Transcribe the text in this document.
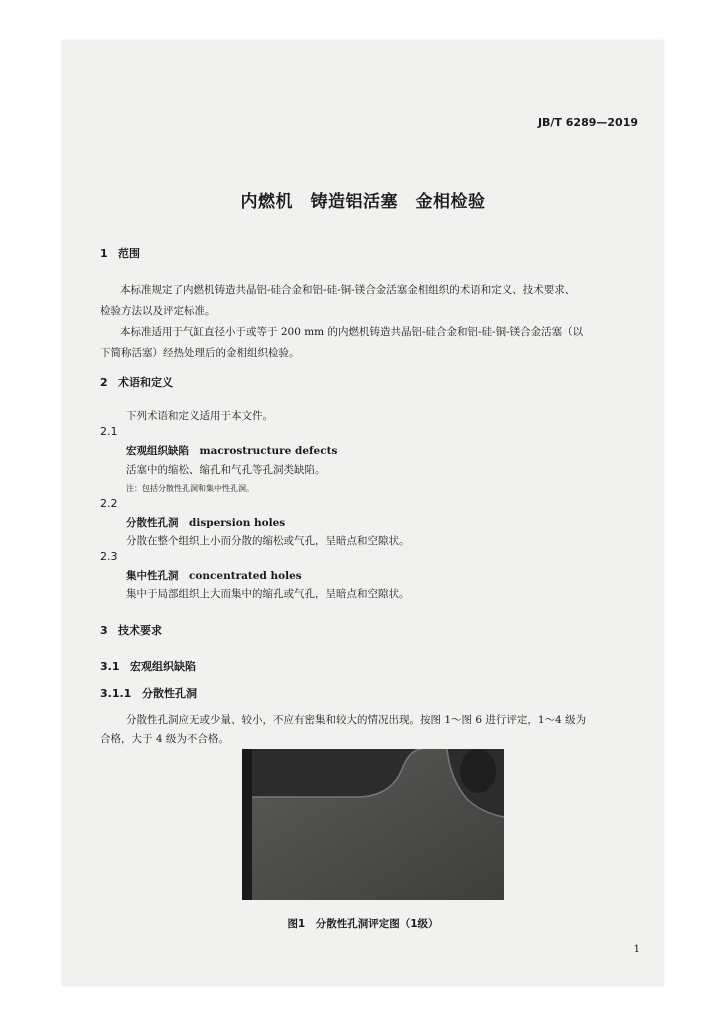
JB/T 6289—2019
内燃机　铸造铝活塞　金相检验
1 范围
本标准规定了内燃机铸造共晶铝-硅合金和铝-硅-铜-镁合金活塞金相组织的术语和定义、技术要求、
检验方法以及评定标准。
本标准适用于气缸直径小于或等于 200 mm 的内燃机铸造共晶铝-硅合金和铝-硅-铜-镁合金活塞（以
下简称活塞）经热处理后的金相组织检验。
2 术语和定义
下列术语和定义适用于本文件。
2.1
宏观组织缺陷　macrostructure defects
活塞中的缩松、缩孔和气孔等孔洞类缺陷。
注：包括分散性孔洞和集中性孔洞。
2.2
分散性孔洞　dispersion holes
分散在整个组织上小而分散的缩松或气孔，呈暗点和空隙状。
2.3
集中性孔洞　concentrated holes
集中于局部组织上大而集中的缩孔或气孔，呈暗点和空隙状。
3 技术要求
3.1 宏观组织缺陷
3.1.1 分散性孔洞
分散性孔洞应无或少量、较小，不应有密集和较大的情况出现。按图 1～图 6 进行评定，1～4 级为
合格，大于 4 级为不合格。
图1　分散性孔洞评定图（1级）
1
